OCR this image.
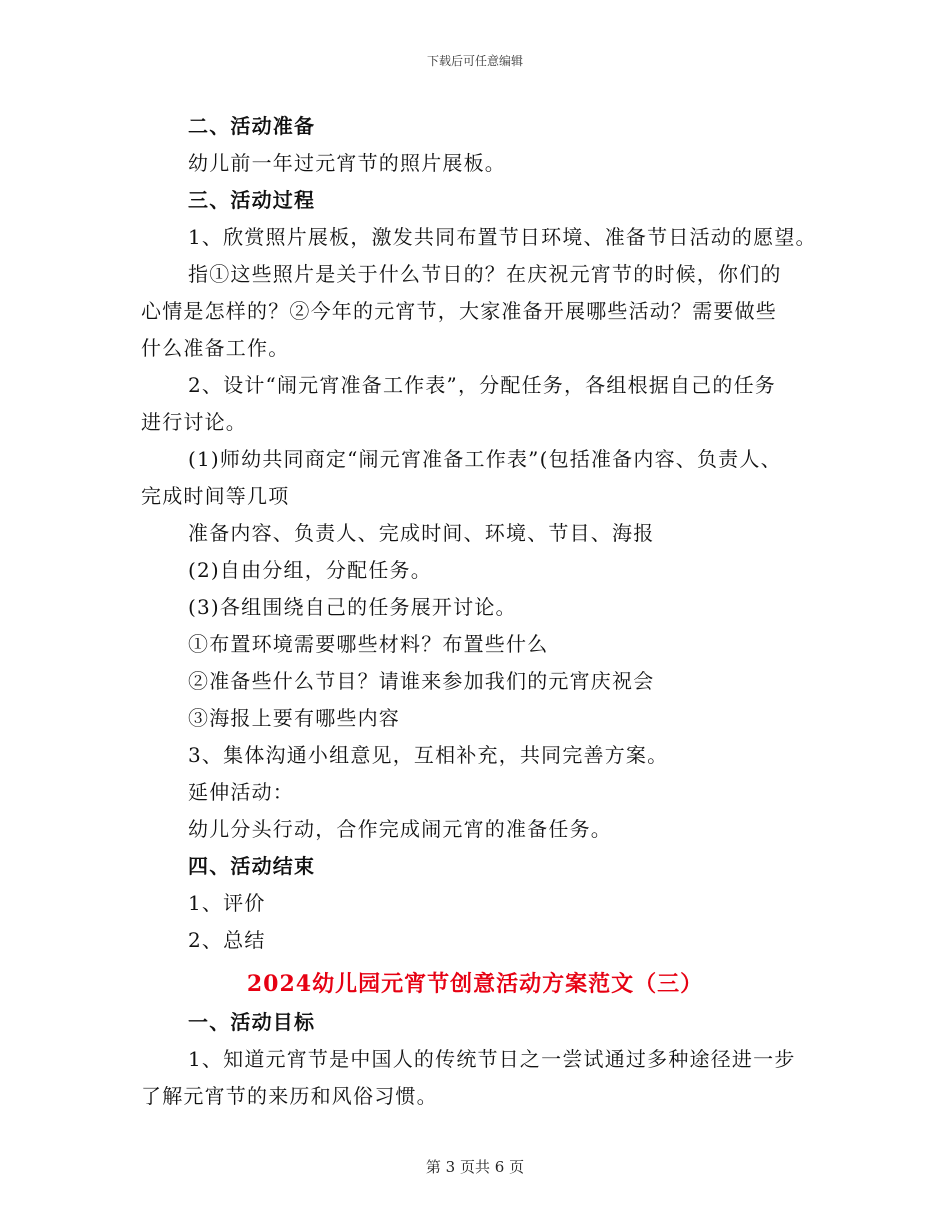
下载后可任意编辑
二、活动准备
幼儿前一年过元宵节的照片展板。
三、活动过程
1、欣赏照片展板，激发共同布置节日环境、准备节日活动的愿望。
指①这些照片是关于什么节日的？在庆祝元宵节的时候，你们的
心情是怎样的？②今年的元宵节，大家准备开展哪些活动？需要做些
什么准备工作。
2、设计“闹元宵准备工作表”，分配任务，各组根据自己的任务
进行讨论。
(1)师幼共同商定“闹元宵准备工作表”(包括准备内容、负责人、
完成时间等几项
准备内容、负责人、完成时间、环境、节目、海报
(2)自由分组，分配任务。
(3)各组围绕自己的任务展开讨论。
①布置环境需要哪些材料？布置些什么
②准备些什么节目？请谁来参加我们的元宵庆祝会
③海报上要有哪些内容
3、集体沟通小组意见，互相补充，共同完善方案。
延伸活动：
幼儿分头行动，合作完成闹元宵的准备任务。
四、活动结束
1、评价
2、总结
2024幼儿园元宵节创意活动方案范文（三）
一、活动目标
1、知道元宵节是中国人的传统节日之一尝试通过多种途径进一步
了解元宵节的来历和风俗习惯。
第 3 页共 6 页
